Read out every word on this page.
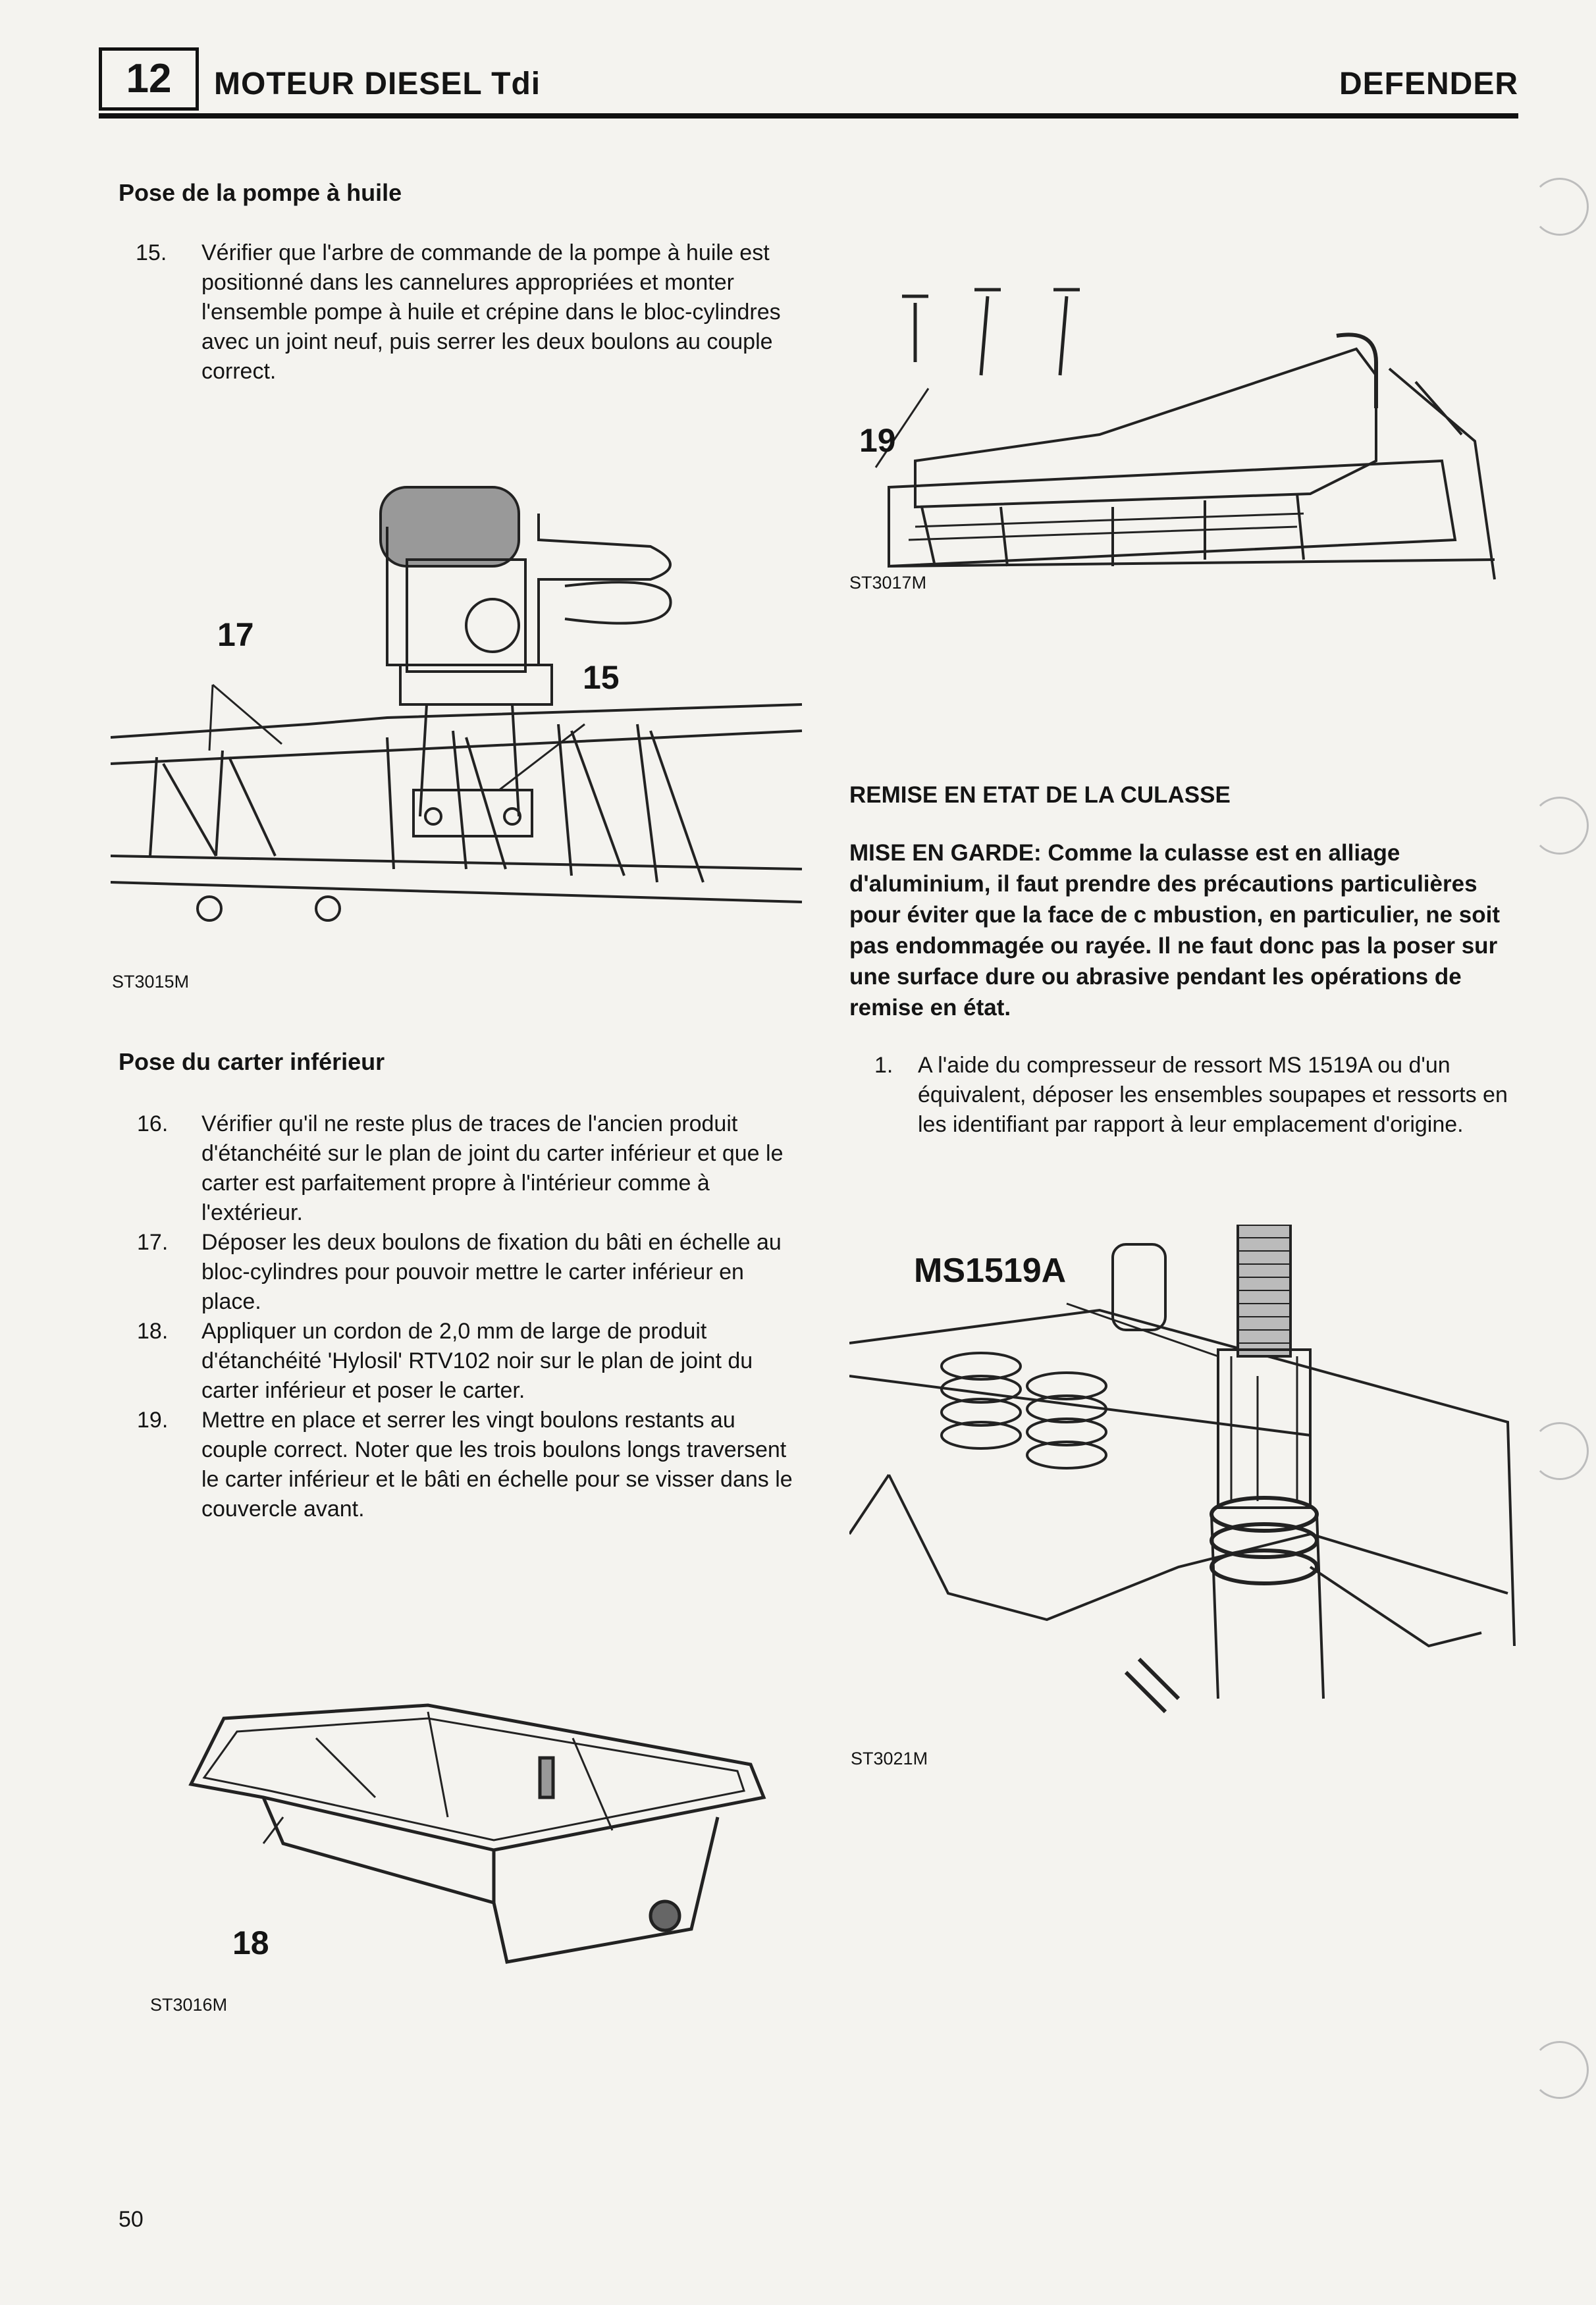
12	MOTEUR DIESEL Tdi	DEFENDER
Pose de la pompe à huile
15. Vérifier que l'arbre de commande de la pompe à huile est positionné dans les cannelures appropriées et monter l'ensemble pompe à huile et crépine dans le bloc-cylindres avec un joint neuf, puis serrer les deux boulons au couple correct.
17
15
ST3015M
Pose du carter inférieur
16. Vérifier qu'il ne reste plus de traces de l'ancien produit d'étanchéité sur le plan de joint du carter inférieur et que le carter est parfaitement propre à l'intérieur comme à l'extérieur.
17. Déposer les deux boulons de fixation du bâti en échelle au bloc-cylindres pour pouvoir mettre le carter inférieur en place.
18. Appliquer un cordon de 2,0 mm de large de produit d'étanchéité 'Hylosil' RTV102 noir sur le plan de joint du carter inférieur et poser le carter.
19. Mettre en place et serrer les vingt boulons restants au couple correct. Noter que les trois boulons longs traversent le carter inférieur et le bâti en échelle pour se visser dans le couvercle avant.
18
ST3016M
19
ST3017M
REMISE EN ETAT DE LA CULASSE
MISE EN GARDE: Comme la culasse est en alliage d'aluminium, il faut prendre des précautions particulières pour éviter que la face de c mbustion, en particulier, ne soit pas endommagée ou rayée. Il ne faut donc pas la poser sur une surface dure ou abrasive pendant les opérations de remise en état.
1. A l'aide du compresseur de ressort MS 1519A ou d'un équivalent, déposer les ensembles soupapes et ressorts en les identifiant par rapport à leur emplacement d'origine.
MS1519A
ST3021M
50
